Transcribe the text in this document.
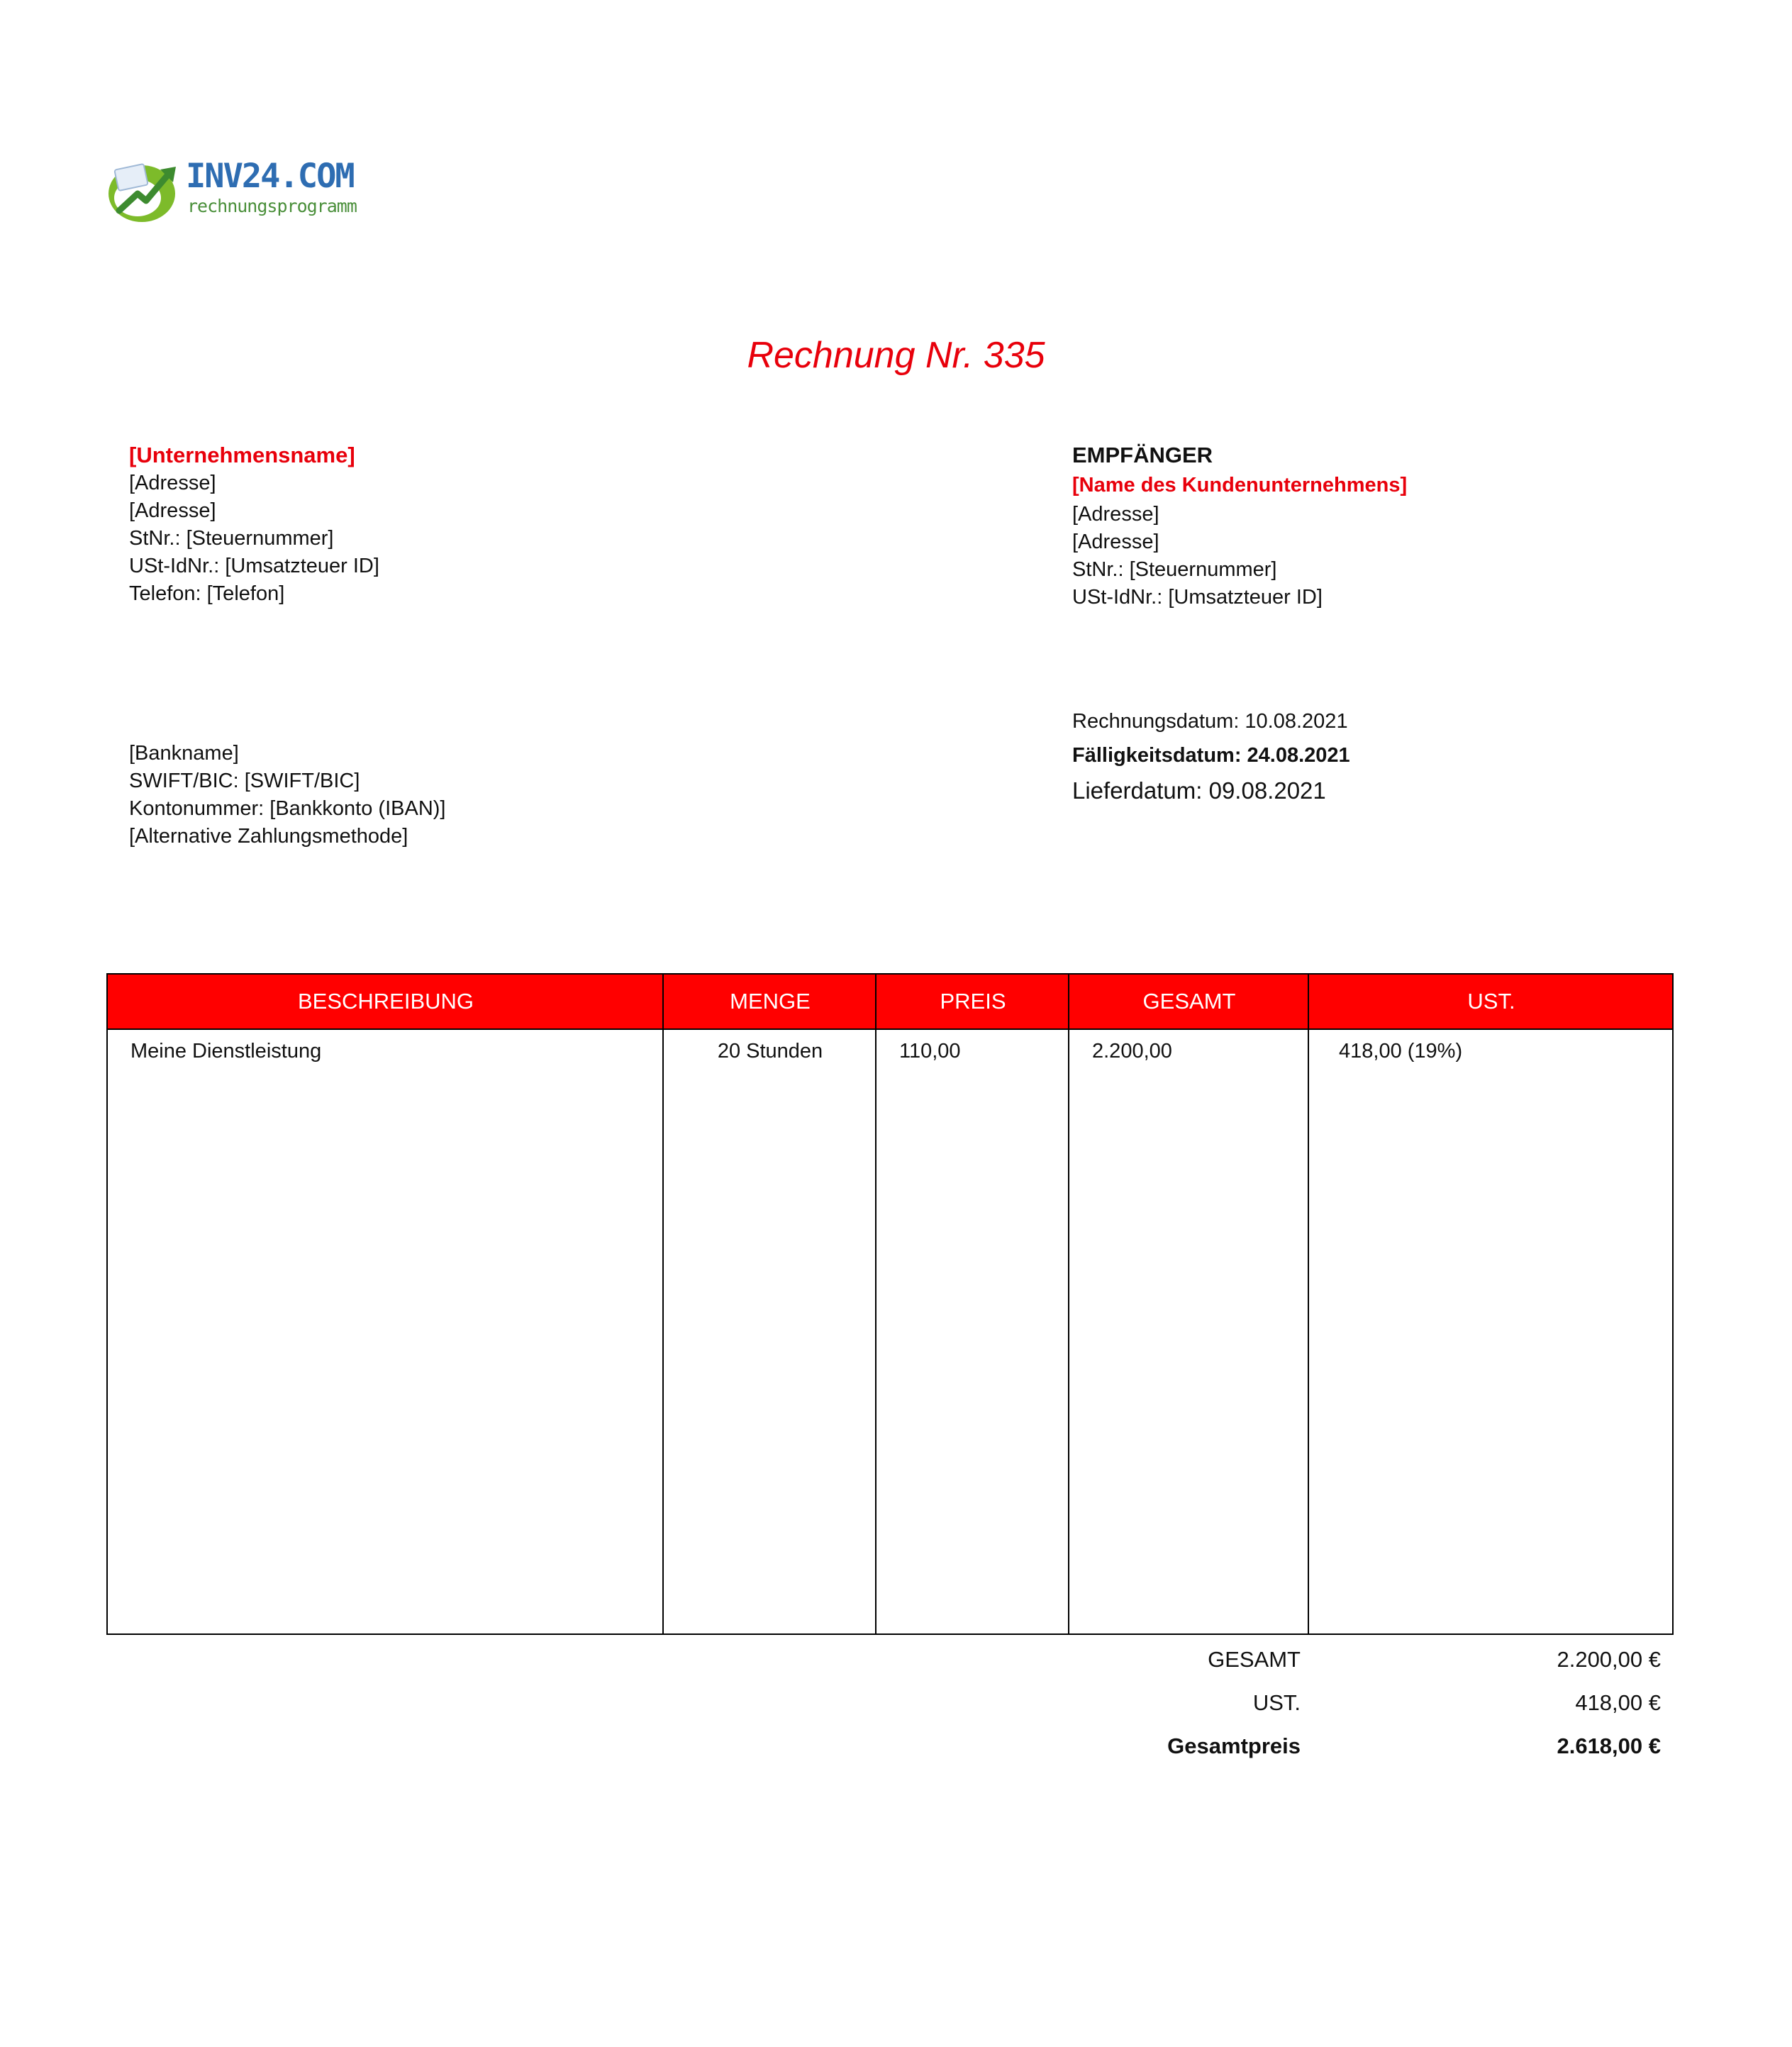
INV24.COM
rechnungsprogramm
Rechnung Nr. 335
[Unternehmensname]
[Adresse]
[Adresse]
StNr.: [Steuernummer]
USt-IdNr.: [Umsatzteuer ID]
Telefon: [Telefon]
EMPFÄNGER
[Name des Kundenunternehmens]
[Adresse]
[Adresse]
StNr.: [Steuernummer]
USt-IdNr.: [Umsatzteuer ID]
[Bankname]
SWIFT/BIC: [SWIFT/BIC]
Kontonummer: [Bankkonto (IBAN)]
[Alternative Zahlungsmethode]
Rechnungsdatum: 10.08.2021
Fälligkeitsdatum: 24.08.2021
Lieferdatum: 09.08.2021
BESCHREIBUNG	MENGE	PREIS	GESAMT	UST.
Meine Dienstleistung	20 Stunden	110,00	2.200,00	418,00 (19%)
GESAMT	2.200,00 €
UST.	418,00 €
Gesamtpreis	2.618,00 €
